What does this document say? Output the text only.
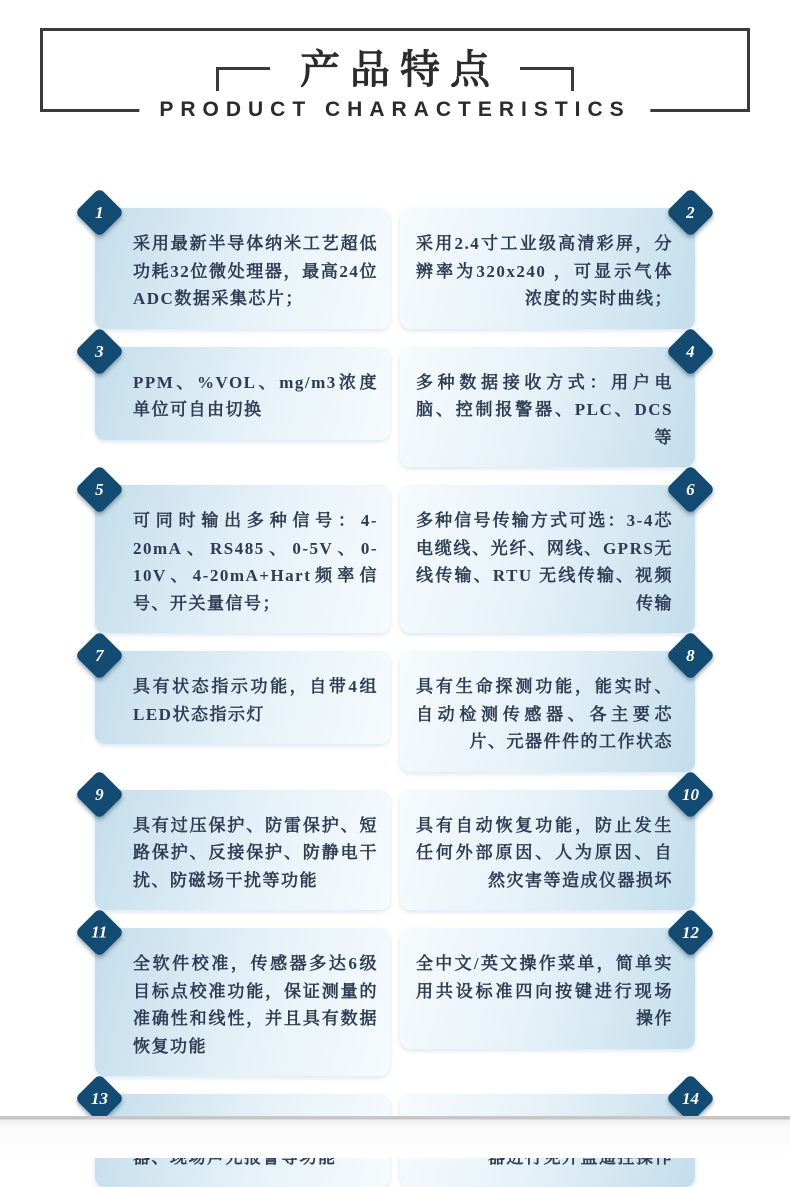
产品特点
PRODUCT CHARACTERISTICS
1

采用最新半导体纳米工艺超低功耗32位微处理器，最高24位ADC数据采集芯片；

2

采用2.4寸工业级高清彩屏，分辨率为320x240 ，可显示气体浓度的实时曲线；

3

PPM、%VOL、mg/m3浓度单位可自由切换

4

多种数据接收方式：用户电脑、控制报警器、PLC、DCS等

5

可同时输出多种信号：4-20mA、RS485、0-5V、0-10V、4-20mA+Hart频率信号、开关量信号；

6

多种信号传输方式可选：3-4芯电缆线、光纤、网线、GPRS无线传输、RTU 无线传输、视频传输

7

具有状态指示功能，自带4组LED状态指示灯

8

具有生命探测功能，能实时、自动检测传感器、各主要芯片、元器件件的工作状态

9

具有过压保护、防雷保护、短路保护、反接保护、防静电干扰、防磁场干扰等功能

10

具有自动恢复功能，防止发生任何外部原因、人为原因、自然灾害等造成仪器损坏

11

全软件校准，传感器多达6级目标点校准功能，保证测量的准确性和线性，并且具有数据恢复功能

12

全中文/英文操作菜单，简单实用共设标准四向按键进行现场操作

13	14
